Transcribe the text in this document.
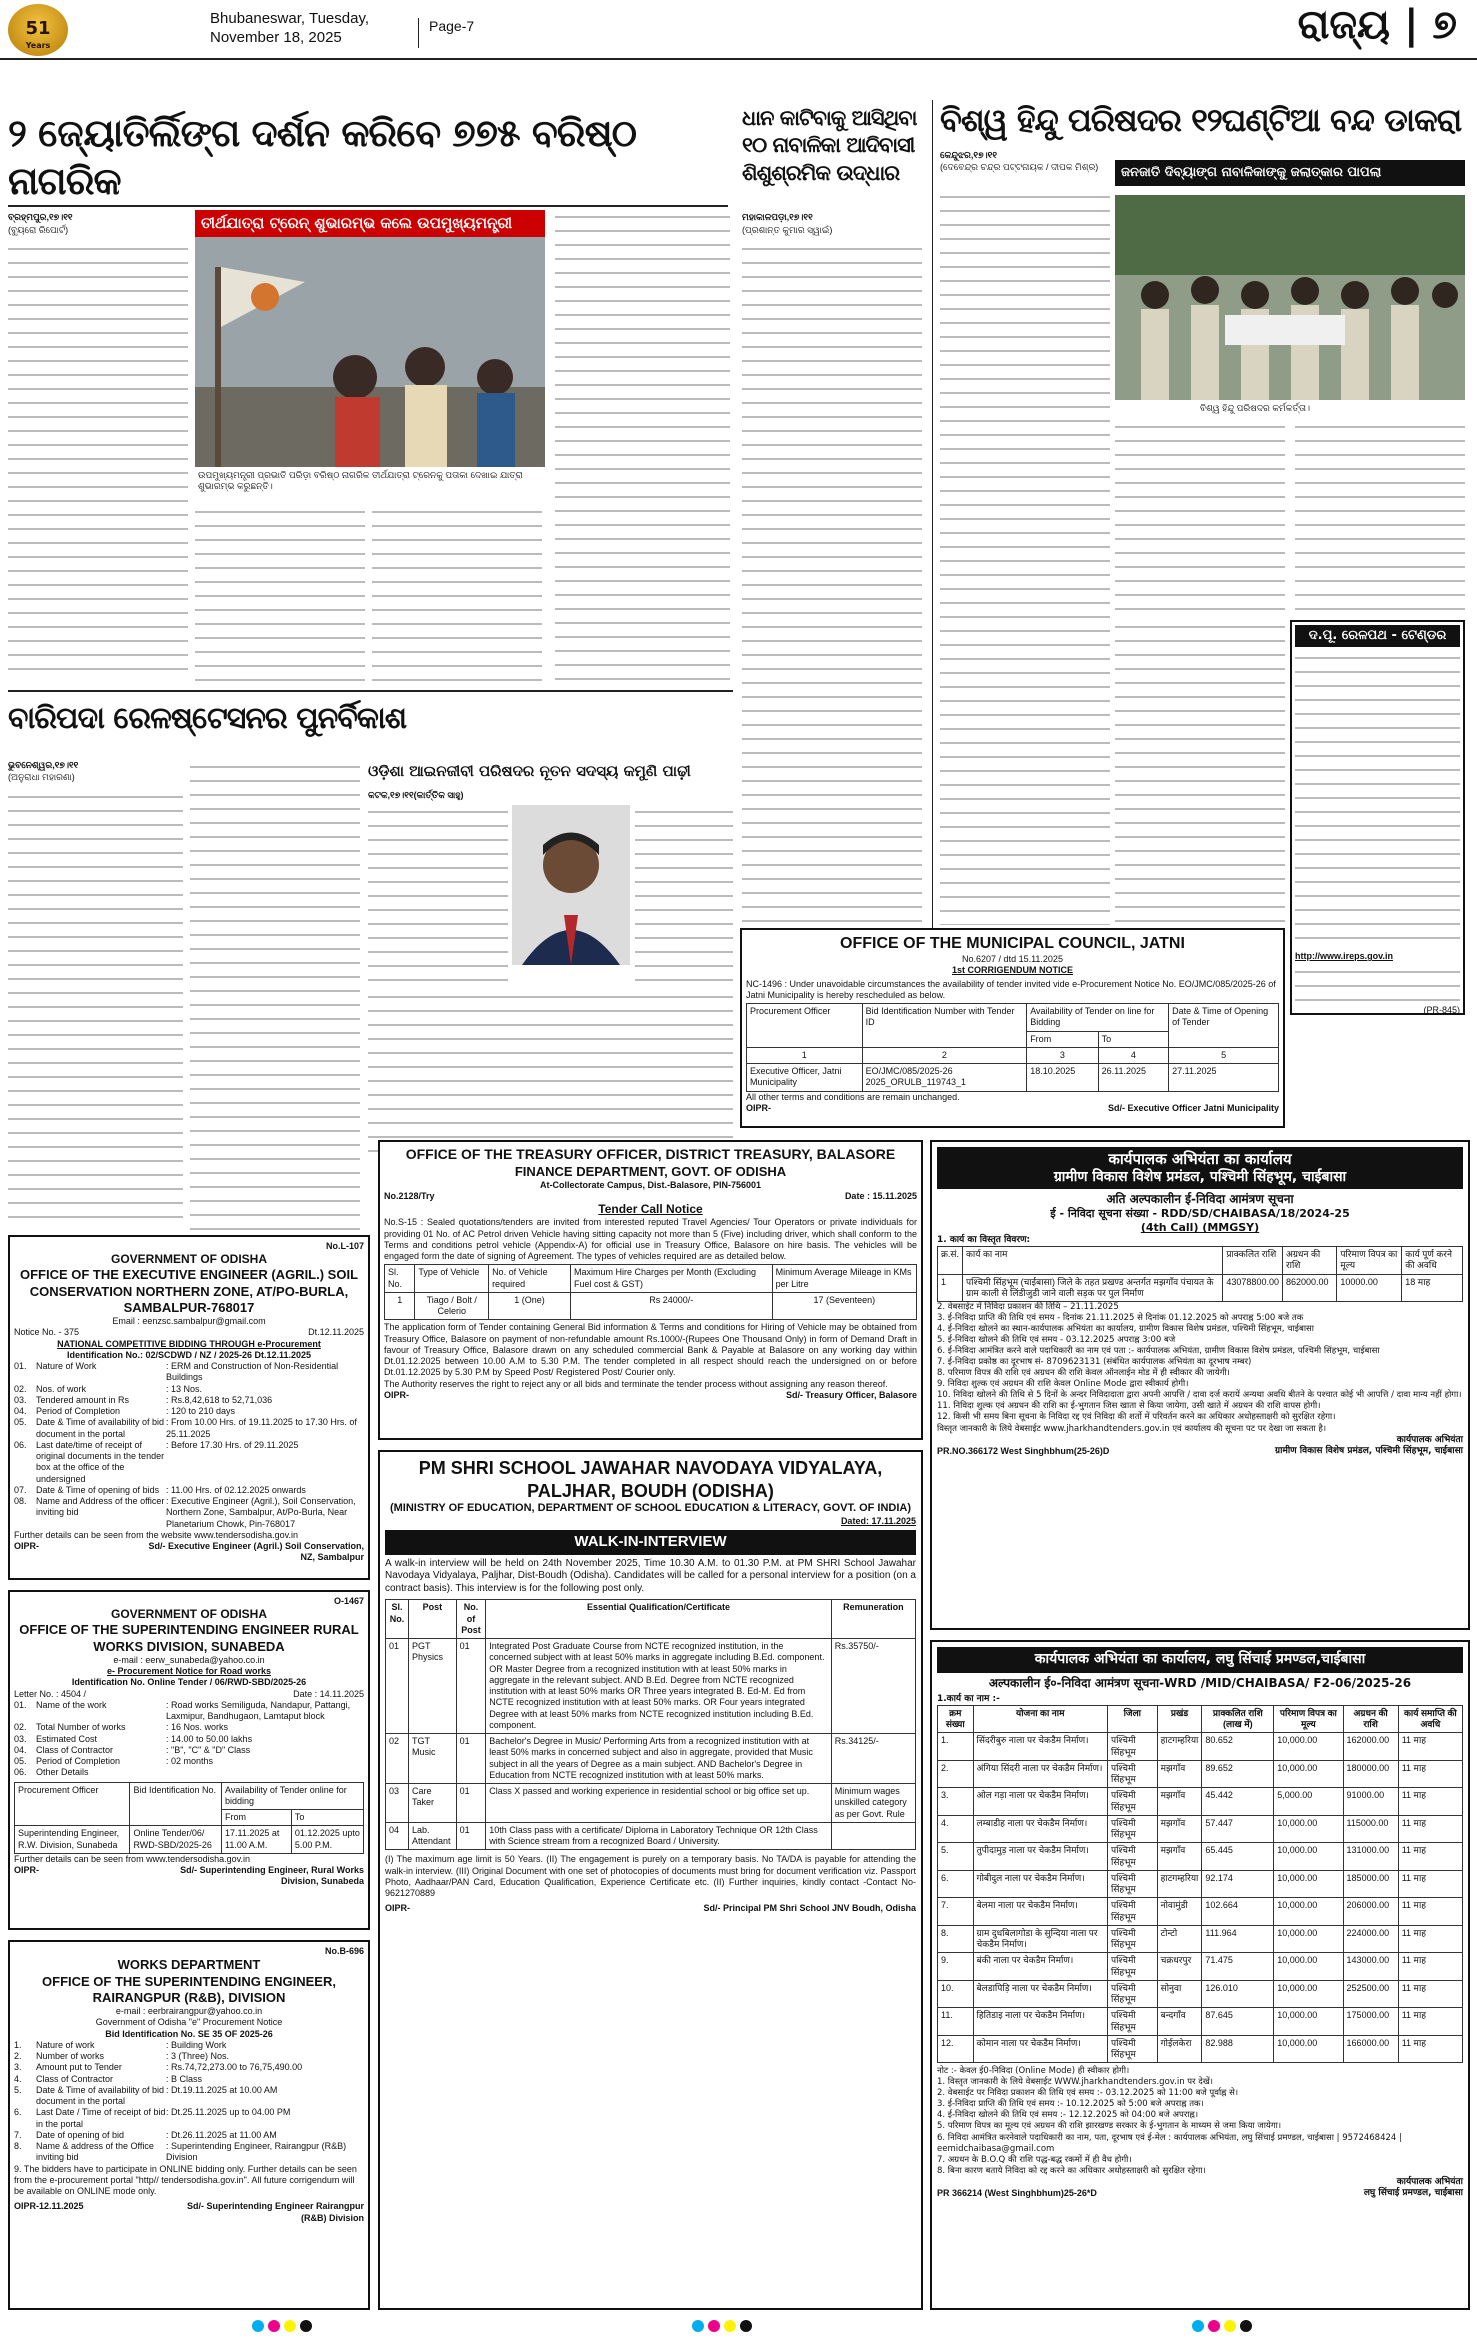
51
Years
Bhubaneswar, Tuesday,
November 18, 2025
Page-7	ରାଜ୍ୟ | ୭
୨ ଜ୍ୟୋତିର୍ଲିଙ୍ଗ ଦର୍ଶନ କରିବେ ୭୭୫ ବରିଷ୍ଠ ନାଗରିକ
ବ୍ରହ୍ମପୁର,୧୭।୧୧
(ବ୍ୟୁରୋ ରିପୋର୍ଟ)	ତୀର୍ଥଯାତ୍ରା ଟ୍ରେନ୍ ଶୁଭାରମ୍ଭ କଲେ ଉପମୁଖ୍ୟମନ୍ତ୍ରୀ
ଉପମୁଖ୍ୟମନ୍ତ୍ରୀ ପ୍ରଭାତି ପରିଡ଼ା ବରିଷ୍ଠ ନାଗରିକ ତୀର୍ଥଯାତ୍ରା ଟ୍ରେନକୁ ପତାକା ଦେଖାଇ ଯାତ୍ରା ଶୁଭାରମ୍ଭ କରୁଛନ୍ତି।
ଧାନ କାଟିବାକୁ ଆସିଥିବା ୧୦ ନାବାଳିକା ଆଦିବାସୀ ଶିଶୁଶ୍ରମିକ ଉଦ୍ଧାର
ମହାକାଳପଡ଼ା,୧୭।୧୧
(ପ୍ରଶାନ୍ତ କୁମାର ସ୍ୱାଇଁ)
ବିଶ୍ୱ ହିନ୍ଦୁ ପରିଷଦର ୧୨ଘଣ୍ଟିଆ ବନ୍ଦ ଡାକରା
କେନ୍ଦୁଝର,୧୭।୧୧
(ଦେବେନ୍ଦ୍ର ଚନ୍ଦ୍ର ପଟ୍ଟନାୟକ / ଦୀପକ ମିଶ୍ର)	ଜନଜାତି ଦିବ୍ୟାଙ୍ଗ ନାବାଳିକାଙ୍କୁ ଜଲାତ୍କାର ପାପଲା
ବିଶ୍ୱ ହିନ୍ଦୁ ପରିଷଦର କର୍ମକର୍ତ୍ତା।
ଦ.ପୂ. ରେଳପଥ - ଟେଣ୍ଡର
http://www.ireps.gov.in
(PR-845)
ବାରିପଦା ରେଳଷ୍ଟେସନର ପୁନର୍ବିକାଶ
ଭୁବନେଶ୍ୱର,୧୭।୧୧
(ଅନୁରାଧା ମହାରଣା)	ଓଡ଼ିଶା ଆଇନଜୀବୀ ପରିଷଦର ନୂତନ ସଦସ୍ୟ କମୁଣି ପାଢ଼ୀ
କଟକ,୧୭।୧୧(କାର୍ତ୍ତିକ ସାହୁ)
OFFICE OF THE MUNICIPAL COUNCIL, JATNI
No.6207 / dtd 15.11.2025
1st CORRIGENDUM NOTICE
NC-1496 : Under unavoidable circumstances the availability of tender invited vide e-Procurement Notice No. EO/JMC/085/2025-26 of Jatni Municipality is hereby rescheduled as below.
Procurement Officer	Bid Identification Number with Tender ID	Availability of Tender on line for Bidding		Date & Time of Opening of Tender
		From	To	
1	2	3	4	5
Executive Officer, Jatni Municipality	EO/JMC/085/2025-26 2025_ORULB_119743_1	18.10.2025	26.11.2025	27.11.2025
All other terms and conditions are remain unchanged.
OIPR-	Sd/- Executive Officer Jatni Municipality
No.L-107
GOVERNMENT OF ODISHA
OFFICE OF THE EXECUTIVE ENGINEER (AGRIL.) SOIL CONSERVATION NORTHERN ZONE, AT/PO-BURLA, SAMBALPUR-768017
Email : eenzsc.sambalpur@gmail.com
Notice No. - 375	Dt.12.11.2025
NATIONAL COMPETITIVE BIDDING THROUGH e-Procurement
Identification No.: 02/SCDWD / NZ / 2025-26 Dt.12.11.2025
01.	Nature of Work	: ERM and Construction of Non-Residential Buildings
02.	Nos. of work	: 13 Nos.
03.	Tendered amount in Rs	: Rs.8,42,618 to 52,71,036
04.	Period of Completion	: 120 to 210 days
05.	Date & Time of availability of bid document in the portal
: From 10.00 Hrs. of 19.11.2025 to 17.30 Hrs. of 25.11.2025
06.	Last date/time of receipt of original documents in the tender box at the office of the undersigned
: Before 17.30 Hrs. of 29.11.2025
07.	Date & Time of opening of bids : 11.00 Hrs. of 02.12.2025 onwards
08.	Name and Address of the officer inviting bid
: Executive Engineer (Agril.), Soil Conservation, Northern Zone, Sambalpur, At/Po-Burla, Near Planetarium Chowk, Pin-768017
Further details can be seen from the website www.tendersodisha.gov.in
OIPR-	Sd/- Executive Engineer (Agril.) Soil Conservation, NZ, Sambalpur
O-1467
GOVERNMENT OF ODISHA
OFFICE OF THE SUPERINTENDING ENGINEER RURAL WORKS DIVISION, SUNABEDA
e-mail : eerw_sunabeda@yahoo.co.in
e- Procurement Notice for Road works
Identification No. Online Tender / 06/RWD-SBD/2025-26
Letter No. : 4504 /	Date : 14.11.2025
01.	Name of the work	: Road works Semiliguda, Nandapur, Pattangi, Laxmipur, Bandhugaon, Lamtaput block
02.	Total Number of works	: 16 Nos. works
03.	Estimated Cost	: 14.00 to 50.00 lakhs
04.	Class of Contractor	: "B", "C" & "D" Class
05.	Period of Completion	: 02 months
06.	Other Details
Procurement Officer	Bid Identification No.	Availability of Tender online for bidding	
		From	To
Superintending Engineer, R.W. Division, Sunabeda	Online Tender/06/ RWD-SBD/2025-26	17.11.2025 at 11.00 A.M.	01.12.2025 upto 5.00 P.M.
Further details can be seen from www.tendersodisha.gov.in
OIPR-	Sd/- Superintending Engineer, Rural Works Division, Sunabeda
No.B-696
WORKS DEPARTMENT
OFFICE OF THE SUPERINTENDING ENGINEER, RAIRANGPUR (R&B), DIVISION
e-mail : eerbrairangpur@yahoo.co.in
Government of Odisha "e" Procurement Notice
Bid Identification No. SE 35 OF 2025-26
1.	Nature of work	: Building Work
2.	Number of works	: 3 (Three) Nos.
3.	Amount put to Tender	: Rs.74,72,273.00 to 76,75,490.00
4.	Class of Contractor	: B Class
5.	Date & Time of availability of bid document in the portal
: Dt.19.11.2025 at 10.00 AM
6.	Last Date / Time of receipt of bid in the portal
: Dt.25.11.2025 up to 04.00 PM
7.	Date of opening of bid	: Dt.26.11.2025 at 11.00 AM
8.	Name & address of the Office inviting bid
: Superintending Engineer, Rairangpur (R&B) Division
9. The bidders have to participate in ONLINE bidding only. Further details can be seen from the e-procurement portal "http// tendersodisha.gov.in". All future corrigendum will be available on ONLINE mode only.
OIPR-12.11.2025	Sd/- Superintending Engineer Rairangpur (R&B) Division
OFFICE OF THE TREASURY OFFICER, DISTRICT TREASURY, BALASORE
FINANCE DEPARTMENT, GOVT. OF ODISHA
At-Collectorate Campus, Dist.-Balasore, PIN-756001
No.2128/Try	Date : 15.11.2025
Tender Call Notice
No.S-15 : Sealed quotations/tenders are invited from interested reputed Travel Agencies/ Tour Operators or private individuals for providing 01 No. of AC Petrol driven Vehicle having sitting capacity not more than 5 (Five) including driver, which shall conform to the Terms and conditions petrol vehicle (Appendix-A) for official use in Treasury Office, Balasore on hire basis. The vehicles will be engaged form the date of signing of Agreement. The types of vehicles required are as detailed below.
Sl. No.	Type of Vehicle	No. of Vehicle required	Maximum Hire Charges per Month (Excluding Fuel cost & GST)	Minimum Average Mileage in KMs per Litre
1	Tiago / Bolt / Celerio	1 (One)	Rs 24000/-	17 (Seventeen)
The application form of Tender containing General Bid information & Terms and conditions for Hiring of Vehicle may be obtained from Treasury Office, Balasore on payment of non-refundable amount Rs.1000/-(Rupees One Thousand Only) in form of Demand Draft in favour of Treasury Office, Balasore drawn on any scheduled commercial Bank & Payable at Balasore on any working day within Dt.01.12.2025 between 10.00 A.M to 5.30 P.M. The tender completed in all respect should reach the undersigned on or before Dt.01.12.2025 by 5.30 P.M by Speed Post/ Registered Post/ Courier only.
The Authority reserves the right to reject any or all bids and terminate the tender process without assigning any reason thereof.
OIPR-	Sd/- Treasury Officer, Balasore
PM SHRI SCHOOL JAWAHAR NAVODAYA VIDYALAYA, PALJHAR, BOUDH (ODISHA)
(MINISTRY OF EDUCATION, DEPARTMENT OF SCHOOL EDUCATION & LITERACY, GOVT. OF INDIA)
Dated: 17.11.2025
WALK-IN-INTERVIEW
A walk-in interview will be held on 24th November 2025, Time 10.30 A.M. to 01.30 P.M. at PM SHRI School Jawahar Navodaya Vidyalaya, Paljhar, Dist-Boudh (Odisha). Candidates will be called for a personal interview for a position (on a contract basis). This interview is for the following post only.
Sl. No.	Post	No. of Post	Essential Qualification/Certificate	Remuneration
01	PGT Physics	01	Integrated Post Graduate Course from NCTE recognized institution, in the concerned subject with at least 50% marks in aggregate including B.Ed. component. OR Master Degree from a recognized institution with at least 50% marks in aggregate in the relevant subject. AND B.Ed. Degree from NCTE recognized institution with at least 50% marks OR Three years integrated B. Ed-M. Ed from NCTE recognized institution with at least 50% marks. OR Four years integrated Degree with at least 50% marks from NCTE recognized institution including B.Ed. component.	Rs.35750/-
02	TGT Music	01	Bachelor's Degree in Music/ Performing Arts from a recognized institution with at least 50% marks in concerned subject and also in aggregate, provided that Music subject in all the years of Degree as a main subject. AND Bachelor's Degree in Education from NCTE recognized institution with at least 50% marks.	Rs.34125/-
03	Care Taker	01	Class X passed and working experience in residential school or big office set up.	Minimum wages unskilled category as per Govt. Rule
04	Lab. Attendant	01	10th Class pass with a certificate/ Diploma in Laboratory Technique OR 12th Class with Science stream from a recognized Board / University.	
(I) The maximum age limit is 50 Years. (II) The engagement is purely on a temporary basis. No TA/DA is payable for attending the walk-in interview. (III) Original Document with one set of photocopies of documents must bring for document verification viz. Passport Photo, Aadhaar/PAN Card, Education Qualification, Experience Certificate etc. (II) Further inquiries, kindly contact -Contact No-9621270889
OIPR-	Sd/- Principal PM Shri School JNV Boudh, Odisha
कार्यपालक अभियंता का कार्यालय
ग्रामीण विकास विशेष प्रमंडल, पश्चिमी सिंहभूम, चाईबासा
अति अल्पकालीन ई-निविदा आमंत्रण सूचना
ई - निविदा सूचना संख्या - RDD/SD/CHAIBASA/18/2024-25
(4th Call) (MMGSY)
1. कार्य का विस्तृत विवरण:
क्र.सं.	कार्य का नाम	प्राक्कलित राशि	अग्रधन की राशि	परिमाण विपत्र का मूल्य	कार्य पूर्ण करने की अवधि
1	पश्चिमी सिंहभूम (चाईबासा) जिले के तहत प्रखण्ड अन्तर्गत मझगाँव पंचायत के ग्राम काली से लिंडीजुडी जाने वाली सड़क पर पुल निर्माण	43078800.00	862000.00	10000.00	18 माह
2. वेबसाईट में निविदा प्रकाशन की तिथि – 21.11.2025
3. ई-निविदा प्राप्ति की तिथि एवं समय - दिनांक 21.11.2025 से दिनांक 01.12.2025 को अपराह्न 5:00 बजे तक
4. ई-निविदा खोलने का स्थान-कार्यपालक अभियंता का कार्यालय, ग्रामीण विकास विशेष प्रमंडल, पश्चिमी सिंहभूम, चाईबासा
5. ई-निविदा खोलने की तिथि एवं समय - 03.12.2025 अपराह्न 3:00 बजे
6. ई-निविदा आमंत्रित करने वाले पदाधिकारी का नाम एवं पता :- कार्यपालक अभियंता, ग्रामीण विकास विशेष प्रमंडल, पश्चिमी सिंहभूम, चाईबासा
7. ई-निविदा प्रकोष्ठ का दूरभाष सं- 8709623131 (संबंधित कार्यपालक अभियंता का दूरभाष नम्बर)
8. परिमाण विपत्र की राशि एवं अग्रधन की राशि केवल ऑनलाईन मोड में ही स्वीकार की जायेगी।
9. निविदा शुल्क एवं अग्रधन की राशि केवल Online Mode द्वारा स्वीकार्य होगी।
10. निविदा खोलने की तिथि से 5 दिनों के अन्दर निविदादाता द्वारा अपनी आपत्ति / दावा दर्ज करायें अन्यथा अवधि बीतने के पश्चात कोई भी आपत्ति / दावा मान्य नहीं होगा।
11. निविदा शुल्क एवं अग्रधन की राशि का ई-भुगतान जिस खाता से किया जायेगा, उसी खाते में अग्रधन की राशि वापस होगी।
12. किसी भी समय बिना सूचना के निविदा रद्द एवं निविदा की शर्तो में परिवर्तन करने का अधिकार अधोहस्ताक्षरी को सुरक्षित रहेगा।
विस्तृत जानकारी के लिये वेबसाईट www.jharkhandtenders.gov.in एवं कार्यालय की सूचना पट पर देखा जा सकता है।
कार्यपालक अभियंता
PR.NO.366172 West Singhbhum(25-26)D	ग्रामीण विकास विशेष प्रमंडल, पश्चिमी सिंहभूम, चाईबासा
कार्यपालक अभियंता का कार्यालय, लघु सिंचाई प्रमण्डल,चाईबासा
अल्पकालीन ई०-निविदा आमंत्रण सूचना-WRD /MID/CHAIBASA/ F2-06/2025-26
1.कार्य का नाम :-
क्रम संख्या	योजना का नाम	जिला	प्रखंड	प्राक्कलित राशि (लाख में)	परिमाण विपत्र का मूल्य	अग्रधन की राशि	कार्य समाप्ति की अवधि
1.	सिंदरीबुरु नाला पर चेकडैम निर्माण।	पश्चिमी सिंहभूम	हाटगम्हरिया	80.652	10,000.00	162000.00	11 माह
2.	अंगिया सिंदरी नाला पर चेकडैम निर्माण।	पश्चिमी सिंहभूम	मझगाँव	89.652	10,000.00	180000.00	11 माह
3.	ओल गड़ा नाला पर चेकडैम निर्माण।	पश्चिमी सिंहभूम	मझगाँव	45.442	5,000.00	91000.00	11 माह
4.	लम्बाडीह नाला पर चेकडैम निर्माण।	पश्चिमी सिंहभूम	मझगाँव	57.447	10,000.00	115000.00	11 माह
5.	तुपीदामुड़ नाला पर चेकडैम निर्माण।	पश्चिमी सिंहभूम	मझगाँव	65.445	10,000.00	131000.00	11 माह
6.	गोबीदुल नाला पर चेकडैम निर्माण।	पश्चिमी सिंहभूम	हाटगम्हरिया	92.174	10,000.00	185000.00	11 माह
7.	बेलमा नाला पर चेकडैम निर्माण।	पश्चिमी सिंहभूम	नोवामुंडी	102.664	10,000.00	206000.00	11 माह
8.	ग्राम दुधबिलागोडा के सुन्दिया नाला पर चेकडैम निर्माण।	पश्चिमी सिंहभूम	टोन्टो	111.964	10,000.00	224000.00	11 माह
9.	बंकी नाला पर चेकडैम निर्माण।	पश्चिमी सिंहभूम	चक्रधरपुर	71.475	10,000.00	143000.00	11 माह
10.	बेलडापिड़ि नाला पर चेकडैम निर्माण।	पश्चिमी सिंहभूम	सोनुवा	126.010	10,000.00	252500.00	11 माह
11.	हितिडाइ नाला पर चेकडैम निर्माण।	पश्चिमी सिंहभूम	बन्दगाँव	87.645	10,000.00	175000.00	11 माह
12.	कोमान नाला पर चेकडैम निर्माण।	पश्चिमी सिंहभूम	गोईलकेरा	82.988	10,000.00	166000.00	11 माह
नोट :- केवल ई0-निविदा (Online Mode) ही स्वीकार होगी।
1. विस्तृत जानकारी के लिये वेबसाईट WWW.jharkhandtenders.gov.in पर देखें।
2. वेबसाईट पर निविदा प्रकाशन की तिथि एवं समय :- 03.12.2025 को 11:00 बजे पूर्वाह्न से।
3. ई-निविदा प्राप्ति की तिथि एवं समय :- 10.12.2025 को 5:00 बजे अपराह्न तक।
4. ई-निविदा खोलने की तिथि एवं समय :- 12.12.2025 को 04:00 बजे अपराह्न।
5. परिमाण विपत्र का मूल्य एवं अग्रधन की राशि झारखण्ड सरकार के ई-भुगतान के माध्यम से जमा किया जायेगा।
6. निविदा आमंत्रित करनेवाले पदाधिकारी का नाम, पता, दूरभाष एवं ई-मेल : कार्यपालक अभियंता, लघु सिंचाई प्रमण्डल, चाईबासा | 9572468424 | eemidchaibasa@gmail.com
7. अग्रधन के B.O.Q की राशि पद्ध-बद्ध रकमों में ही वैध होगी।
8. बिना कारण बताये निविदा को रद्द करने का अधिकार अधोहस्ताक्षरी को सुरक्षित रहेगा।
कार्यपालक अभियंता
PR 366214 (West Singhbhum)25-26*D	लघु सिंचाई प्रमण्डल, चाईबासा
